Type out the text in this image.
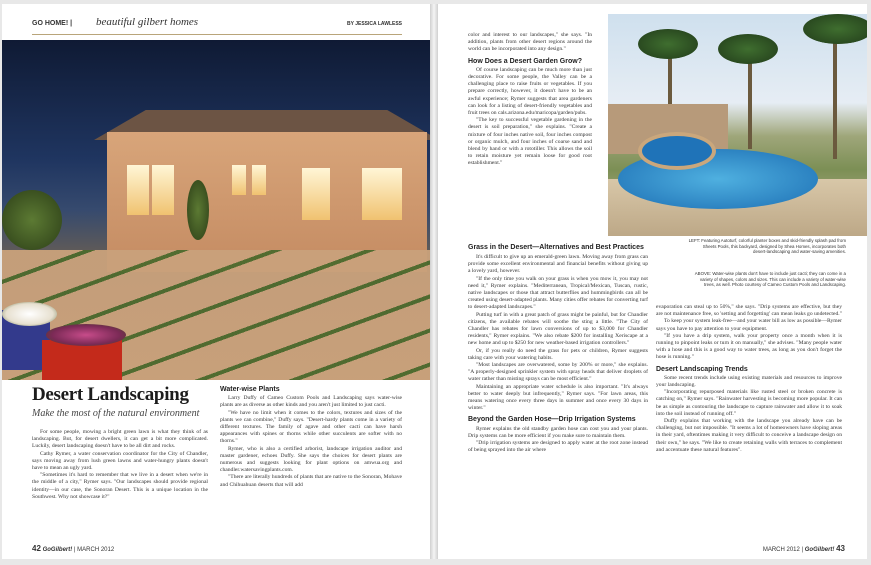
GO HOME! | beautiful gilbert homes	BY JESSICA LAWLESS
Desert Landscaping
Make the most of the natural environment

For some people, mowing a bright green lawn is what they think of as landscaping. But, for desert dwellers, it can get a bit more complicated. Luckily, desert landscaping doesn't have to be all dirt and rocks.

Cathy Rymer, a water conservation coordinator for the City of Chandler, says moving away from lush green lawns and water-hungry plants doesn't have to mean an ugly yard.

"Sometimes it's hard to remember that we live in a desert when we're in the middle of a city," Rymer says. "Our landscapes should provide regional identity—in our case, the Sonoran Desert. This is a unique location in the Southwest. Why not showcase it?"

Water-wise Plants

Larry Duffy of Cameo Custom Pools and Landscaping says water-wise plants are as diverse as other kinds and you aren't just limited to just cacti.

"We have no limit when it comes to the colors, textures and sizes of the plants we can combine," Duffy says. "Desert-hardy plants come in a variety of different textures. The family of agave and other cacti can have harsh appearances with spines or thorns while other succulents are softer with no thorns."

Rymer, who is also a certified arborist, landscape irrigation auditor and master gardener, echoes Duffy. She says the choices for desert plants are numerous and suggests looking for plant options on amwua.org and chandler.watersavingplants.com.

"There are literally hundreds of plants that are native to the Sonoran, Mohave and Chihuahuan deserts that will add

42 GoGilbert! | MARCH 2012

color and interest to our landscapes," she says. "In addition, plants from other desert regions around the world can be incorporated into any design."

How Does a Desert Garden Grow?

Of course landscaping can be much more than just decorative. For some people, the Valley can be a challenging place to raise fruits or vegetables. If you prepare correctly, however, it doesn't have to be an awful experience; Rymer suggests that area gardeners can look for a listing of desert-friendly vegetables and fruit trees on cals.arizona.edu/maricopa/garden/pubs.

"The key to successful vegetable gardening in the desert is soil preparation," she explains. "Create a mixture of four inches native soil, four inches compost or organic mulch, and four inches of coarse sand and blend by hand or with a rototiller. This allows the soil to retain moisture yet remain loose for good root establishment."

Grass in the Desert—Alternatives and Best Practices

It's difficult to give up an emerald-green lawn. Moving away from grass can provide some excellent environmental and financial benefits without giving up a lovely yard, however.

"If the only time you walk on your grass is when you mow it, you may not need it," Rymer explains. "Mediterranean, Tropical/Mexican, Tuscan, rustic, native landscapes or those that attract butterflies and hummingbirds can all be created using desert-adapted plants. Many cities offer rebates for converting turf to desert-adapted landscapes."

Putting turf in with a great patch of grass might be painful, but for Chandler citizens, the available rebates will soothe the sting a little. "The City of Chandler has rebates for lawn conversions of up to $3,000 for Chandler residents," Rymer explains. "We also rebate $200 for installing Xeriscape at a new home and up to $250 for new weather-based irrigation controllers."

Or, if you really do need the grass for pets or children, Rymer suggests taking care with your watering habits.

"Most landscapes are overwatered, some by 200% or more," she explains. "A properly-designed sprinkler system with spray heads that deliver droplets of water rather than misting sprays can be most efficient."

Maintaining an appropriate water schedule is also important. "It's always better to water deeply but infrequently," Rymer says. "For lawn areas, this means watering once every three days in summer and once every 30 days in winter."

Beyond the Garden Hose—Drip Irrigation Systems

Rymer explains the old standby garden hose can cost you and your plants. Drip systems can be more efficient if you make sure to maintain them.

"Drip irrigation systems are designed to apply water at the root zone instead of being sprayed into the air where

LEFT: Featuring Autoturf, colorful planter boxes and skid-friendly splash pad from Sheets Pools, this backyard, designed by Shea Homes, incorporates both desert-landscaping and water-saving amenities.
ABOVE: Water-wise plants don't have to include just cacti; they can come in a variety of shapes, colors and sizes. This can include a variety of water-wise trees, as well. Photo courtesy of Cameo Custom Pools and Landscaping.

evaporation can steal up to 50%," she says. "Drip systems are effective, but they are not maintenance free, so 'setting and forgetting' can mean leaks go undetected."

To keep your system leak-free—and your water bill as low as possible—Rymer says you have to pay attention to your equipment.

"If you have a drip system, walk your property once a month when it is running to pinpoint leaks or turn it on manually," she advises. "Many people water with a hose and this is a good way to water trees, as long as you don't forget the hose is running."

Desert Landscaping Trends

Some recent trends include using existing materials and resources to improve your landscaping.

"Incorporating repurposed materials like rusted steel or broken concrete is catching on," Rymer says. "Rainwater harvesting is becoming more popular. It can be as simple as contouring the landscape to capture rainwater and allow it to soak into the soil instead of running off."

Duffy explains that working with the landscape you already have can be challenging, but not impossible. "It seems a lot of homeowners have sloping areas in their yard, oftentimes making it very difficult to conceive a landscape design on their own," he says. "We like to create retaining walls with terraces to complement and accentuate these natural features".

MARCH 2012 | GoGilbert! 43
